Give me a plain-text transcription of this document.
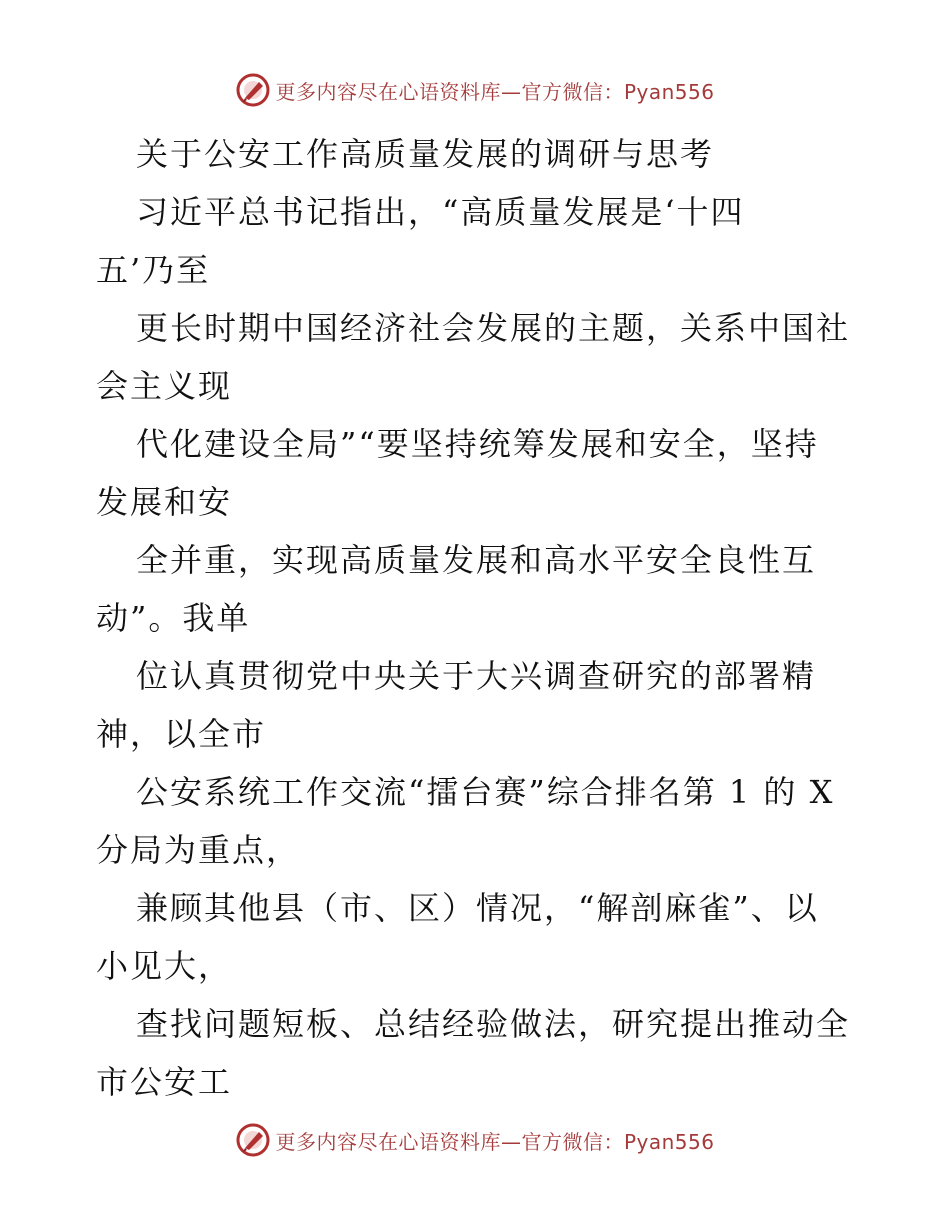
更多内容尽在心语资料库—官方微信：Pyan556
关于公安工作高质量发展的调研与思考
习近平总书记指出，“高质量发展是‘十四
五’乃至
更长时期中国经济社会发展的主题，关系中国社
会主义现
代化建设全局”“要坚持统筹发展和安全，坚持
发展和安
全并重，实现高质量发展和高水平安全良性互
动”。我单
位认真贯彻党中央关于大兴调查研究的部署精
神，以全市
公安系统工作交流“擂台赛”综合排名第 1 的 X
分局为重点，
兼顾其他县（市、区）情况，“解剖麻雀”、以
小见大，
查找问题短板、总结经验做法，研究提出推动全
市公安工
更多内容尽在心语资料库—官方微信：Pyan556
